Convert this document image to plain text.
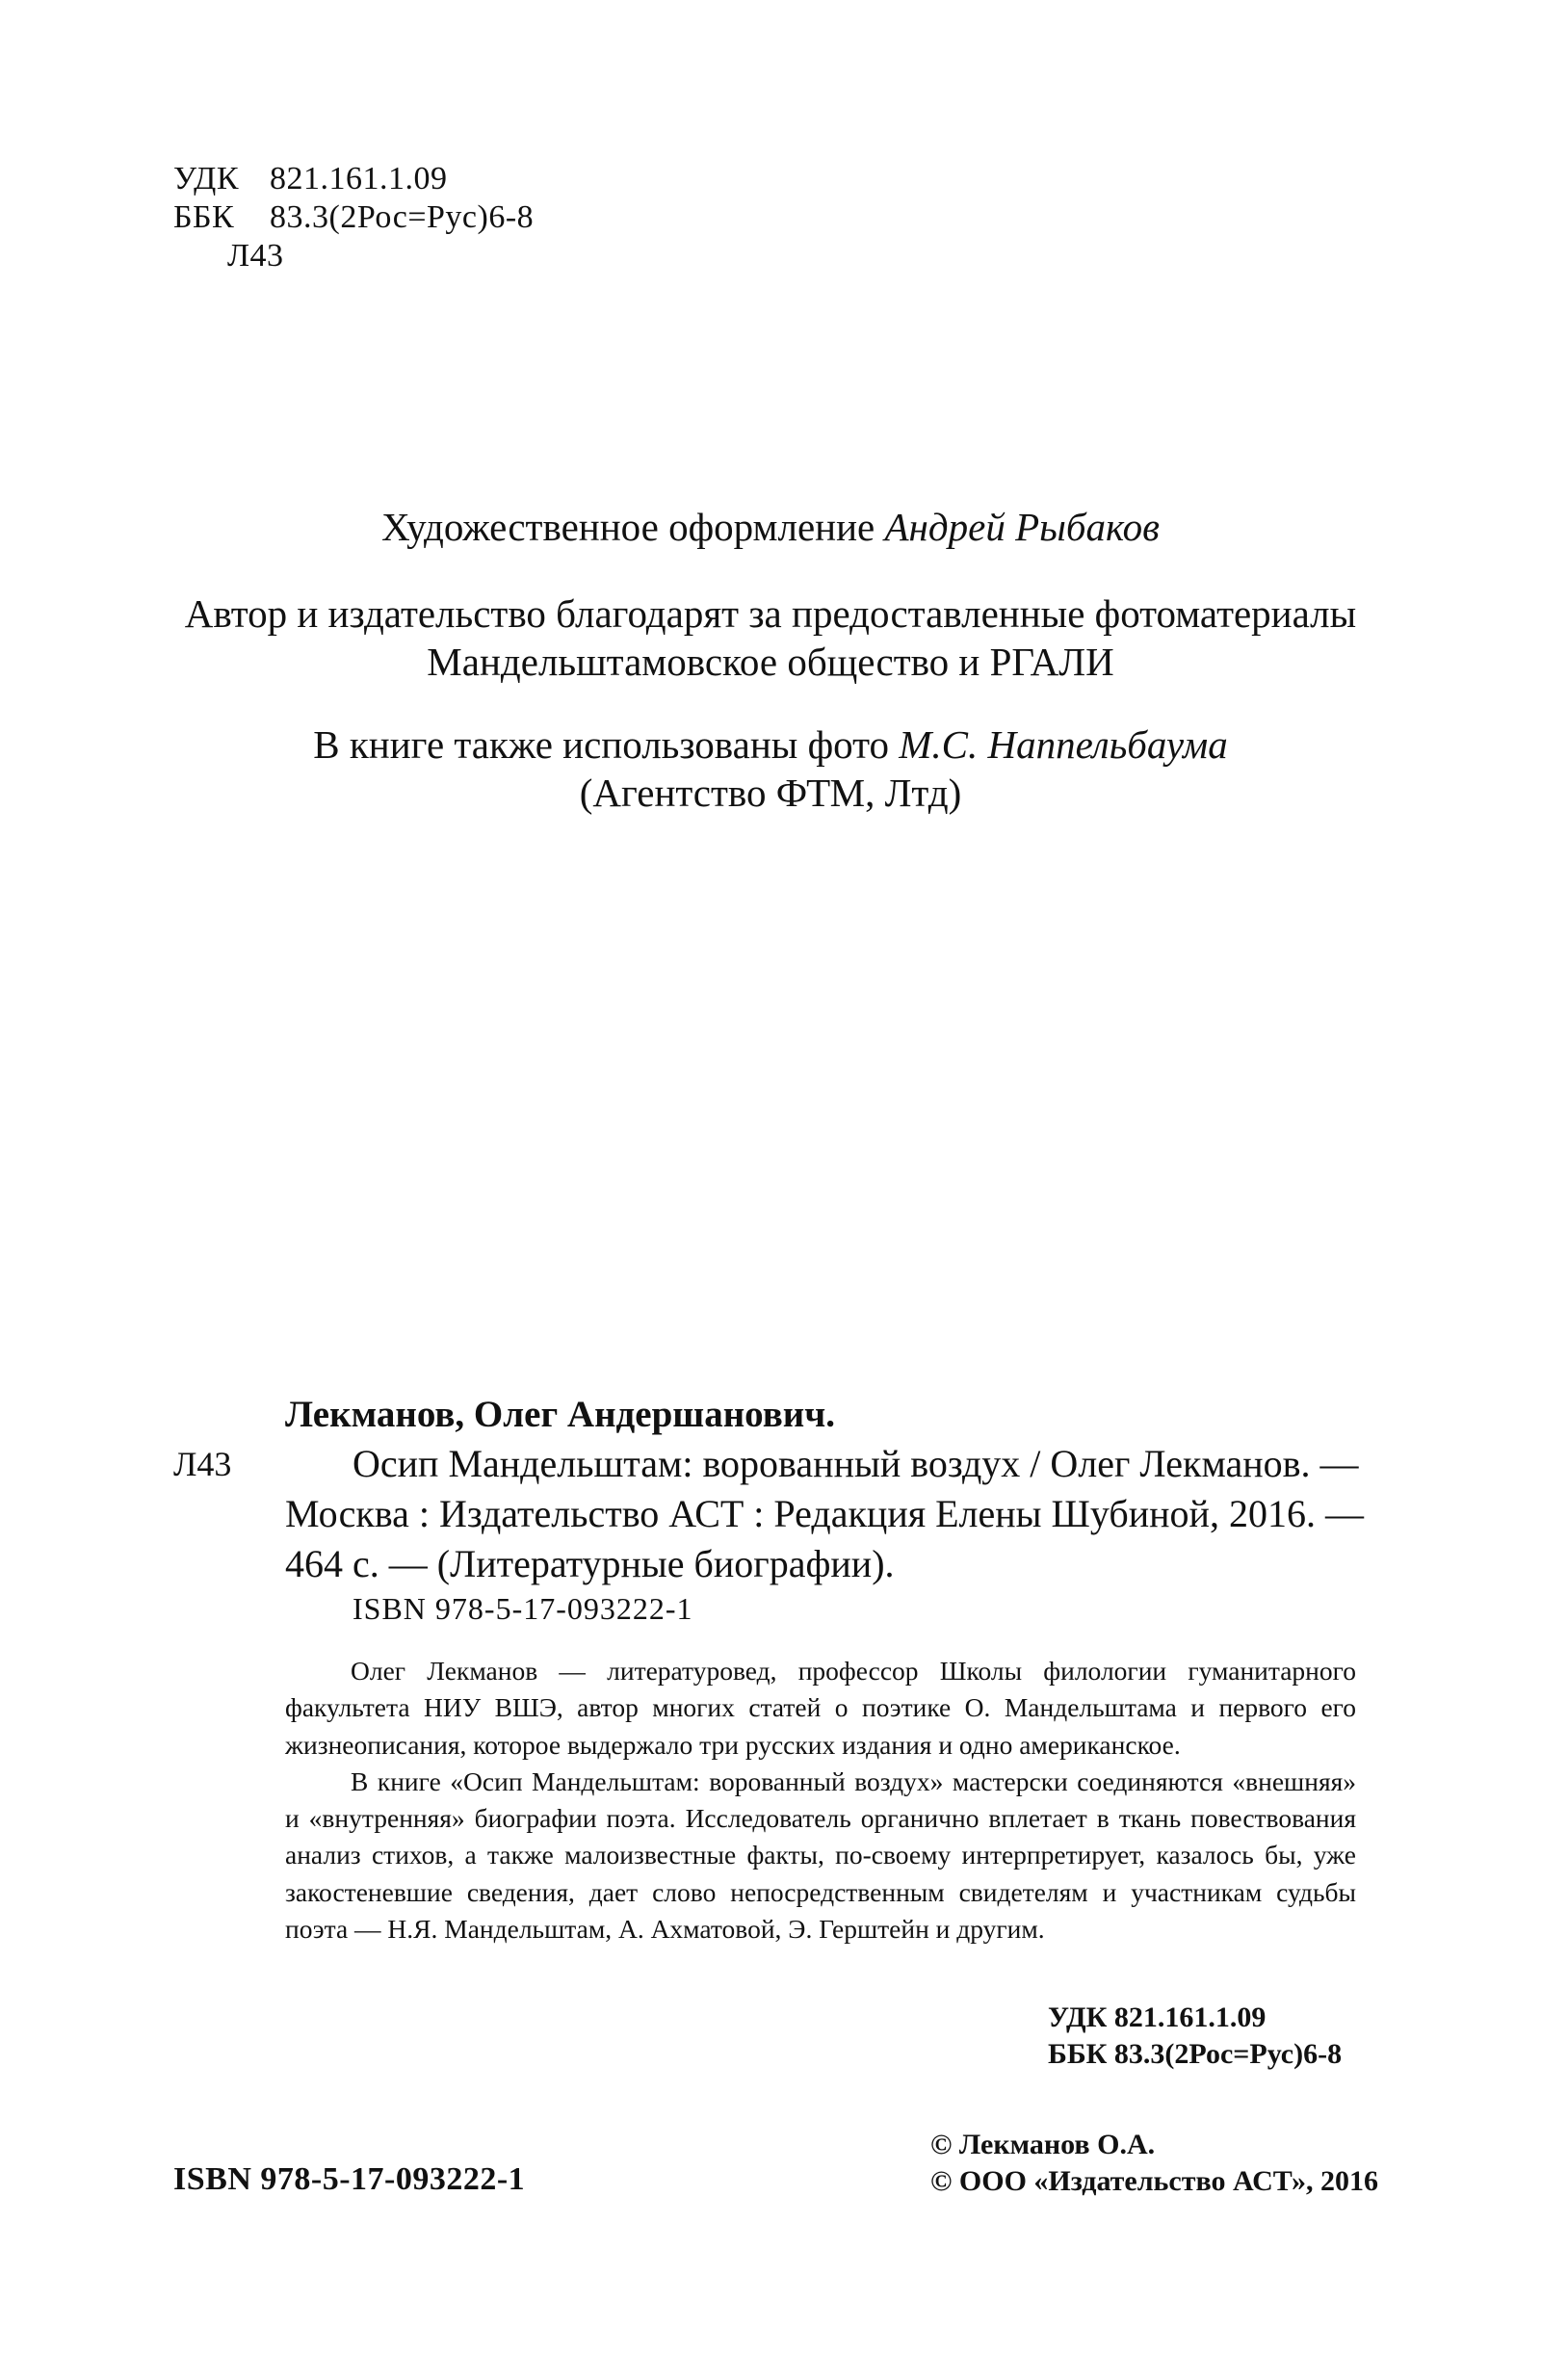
УДК 821.161.1.09
ББК 83.3(2Рос=Рус)6-8
Л43
Художественное оформление Андрей Рыбаков
Автор и издательство благодарят за предоставленные фотоматериалы
Мандельштамовское общество и РГАЛИ
В книге также использованы фото М.С. Наппельбаума
(Агентство ФТМ, Лтд)
Лекманов, Олег Андершанович.
Л43	Осип Мандельштам: ворованный воздух / Олег Лекманов. —
Москва : Издательство АСТ : Редакция Елены Шубиной, 2016. —
464 с. — (Литературные биографии).
ISBN 978-5-17-093222-1

Олег Лекманов — литературовед, профессор Школы филологии гуманитарного факультета НИУ ВШЭ, автор многих статей о поэтике О. Мандельштама и первого его жизнеописания, которое выдержало три русских издания и одно американское.

В книге «Осип Мандельштам: ворованный воздух» мастерски соединяются «внешняя» и «внутренняя» биографии поэта. Исследователь органично вплетает в ткань повествования анализ стихов, а также малоизвестные факты, по-своему интерпретирует, казалось бы, уже закостеневшие сведения, дает слово непосредственным свидетелям и участникам судьбы поэта — Н.Я. Мандельштам, А. Ахматовой, Э. Герштейн и другим.

УДК 821.161.1.09
ББК 83.3(2Рос=Рус)6-8
ISBN 978-5-17-093222-1
© Лекманов О.А.
© ООО «Издательство АСТ», 2016
